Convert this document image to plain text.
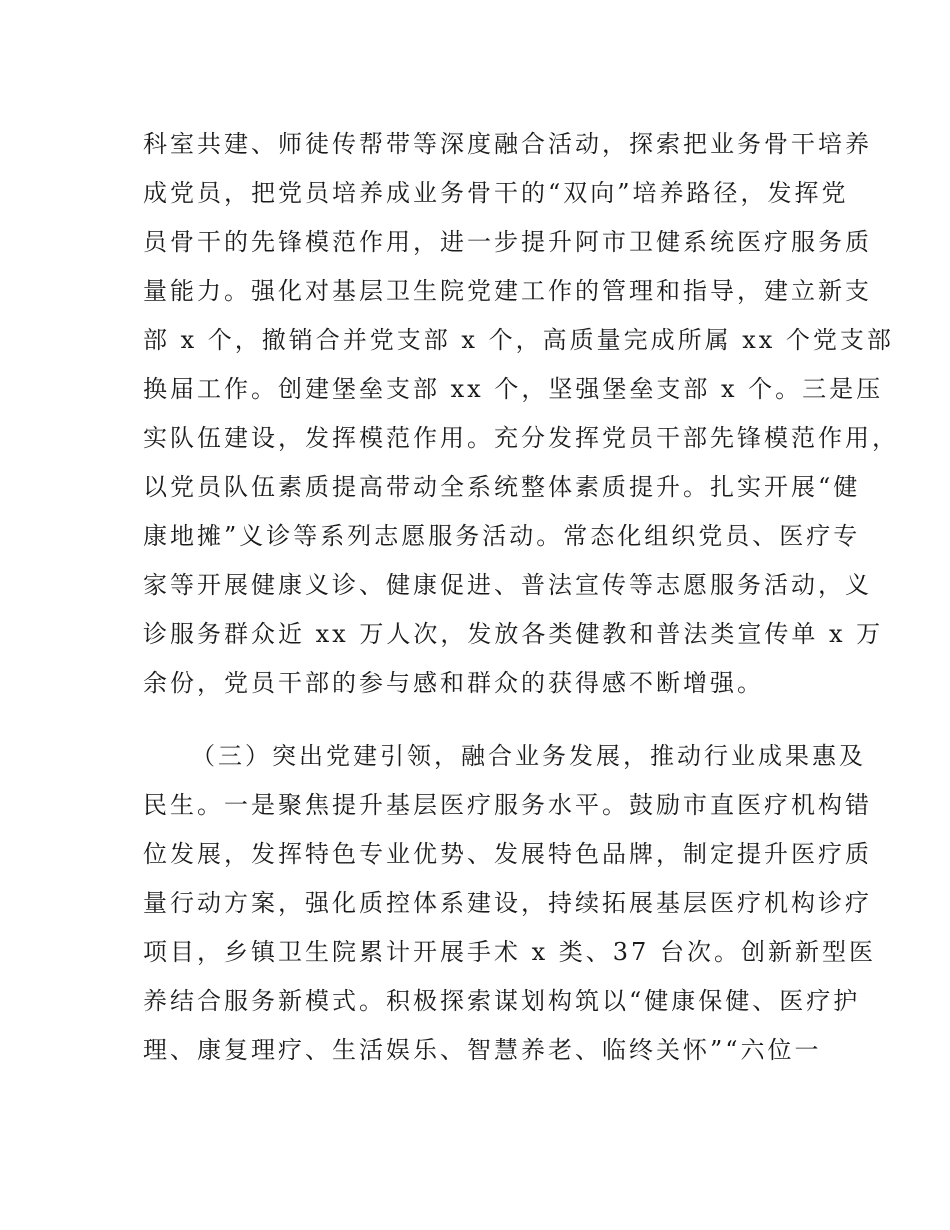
科室共建、师徒传帮带等深度融合活动，探索把业务骨干培养
成党员，把党员培养成业务骨干的“双向”培养路径，发挥党
员骨干的先锋模范作用，进一步提升阿市卫健系统医疗服务质
量能力。强化对基层卫生院党建工作的管理和指导，建立新支
部 x 个，撤销合并党支部 x 个，高质量完成所属 xx 个党支部
换届工作。创建堡垒支部 xx 个，坚强堡垒支部 x 个。三是压
实队伍建设，发挥模范作用。充分发挥党员干部先锋模范作用，
以党员队伍素质提高带动全系统整体素质提升。扎实开展“健
康地摊”义诊等系列志愿服务活动。常态化组织党员、医疗专
家等开展健康义诊、健康促进、普法宣传等志愿服务活动，义
诊服务群众近 xx 万人次，发放各类健教和普法类宣传单 x 万
余份，党员干部的参与感和群众的获得感不断增强。
（三）突出党建引领，融合业务发展，推动行业成果惠及
民生。一是聚焦提升基层医疗服务水平。鼓励市直医疗机构错
位发展，发挥特色专业优势、发展特色品牌，制定提升医疗质
量行动方案，强化质控体系建设，持续拓展基层医疗机构诊疗
项目，乡镇卫生院累计开展手术 x 类、37 台次。创新新型医
养结合服务新模式。积极探索谋划构筑以“健康保健、医疗护
理、康复理疗、生活娱乐、智慧养老、临终关怀”“六位一
